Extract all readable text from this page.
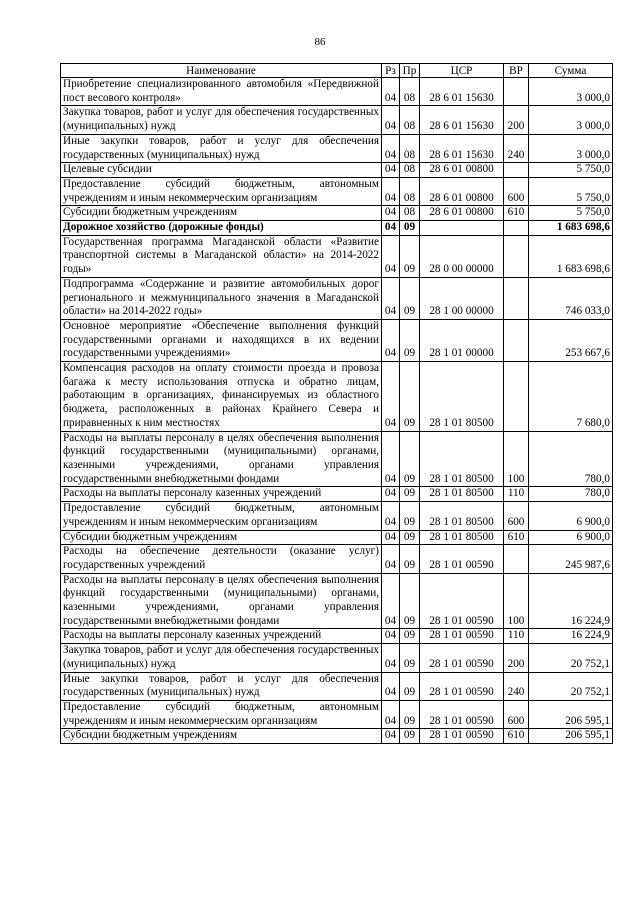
86
Наименование	Рз	Пр	ЦСР	ВР	Сумма
Приобретение специализированного автомобиля «Передвижной пост весового контроля»	04	08	28 6 01 15630		3 000,0
Закупка товаров, работ и услуг для обеспечения государственных (муниципальных) нужд	04	08	28 6 01 15630	200	3 000,0
Иные закупки товаров, работ и услуг для обеспечения государственных (муниципальных) нужд	04	08	28 6 01 15630	240	3 000,0
Целевые субсидии	04	08	28 6 01 00800		5 750,0
Предоставление субсидий бюджетным, автономным учреждениям и иным некоммерческим организациям	04	08	28 6 01 00800	600	5 750,0
Субсидии бюджетным учреждениям	04	08	28 6 01 00800	610	5 750,0
Дорожное хозяйство (дорожные фонды)	04	09			1 683 698,6
Государственная программа Магаданской области «Развитие транспортной системы в Магаданской области» на 2014-2022 годы»	04	09	28 0 00 00000		1 683 698,6
Подпрограмма «Содержание и развитие автомобильных дорог регионального и межмуниципального значения в Магаданской области» на 2014-2022 годы»	04	09	28 1 00 00000		746 033,0
Основное мероприятие «Обеспечение выполнения функций государственными органами и находящихся в их ведении государственными учреждениями»	04	09	28 1 01 00000		253 667,6
Компенсация расходов на оплату стоимости проезда и провоза багажа к месту использования отпуска и обратно лицам, работающим в организациях, финансируемых из областного бюджета, расположенных в районах Крайнего Севера и приравненных к ним местностях	04	09	28 1 01 80500		7 680,0
Расходы на выплаты персоналу в целях обеспечения выполнения функций государственными (муниципальными) органами, казенными учреждениями, органами управления государственными внебюджетными фондами	04	09	28 1 01 80500	100	780,0
Расходы на выплаты персоналу казенных учреждений	04	09	28 1 01 80500	110	780,0
Предоставление субсидий бюджетным, автономным учреждениям и иным некоммерческим организациям	04	09	28 1 01 80500	600	6 900,0
Субсидии бюджетным учреждениям	04	09	28 1 01 80500	610	6 900,0
Расходы на обеспечение деятельности (оказание услуг) государственных учреждений	04	09	28 1 01 00590		245 987,6
Расходы на выплаты персоналу в целях обеспечения выполнения функций государственными (муниципальными) органами, казенными учреждениями, органами управления государственными внебюджетными фондами	04	09	28 1 01 00590	100	16 224,9
Расходы на выплаты персоналу казенных учреждений	04	09	28 1 01 00590	110	16 224,9
Закупка товаров, работ и услуг для обеспечения государственных (муниципальных) нужд	04	09	28 1 01 00590	200	20 752,1
Иные закупки товаров, работ и услуг для обеспечения государственных (муниципальных) нужд	04	09	28 1 01 00590	240	20 752,1
Предоставление субсидий бюджетным, автономным учреждениям и иным некоммерческим организациям	04	09	28 1 01 00590	600	206 595,1
Субсидии бюджетным учреждениям	04	09	28 1 01 00590	610	206 595,1
